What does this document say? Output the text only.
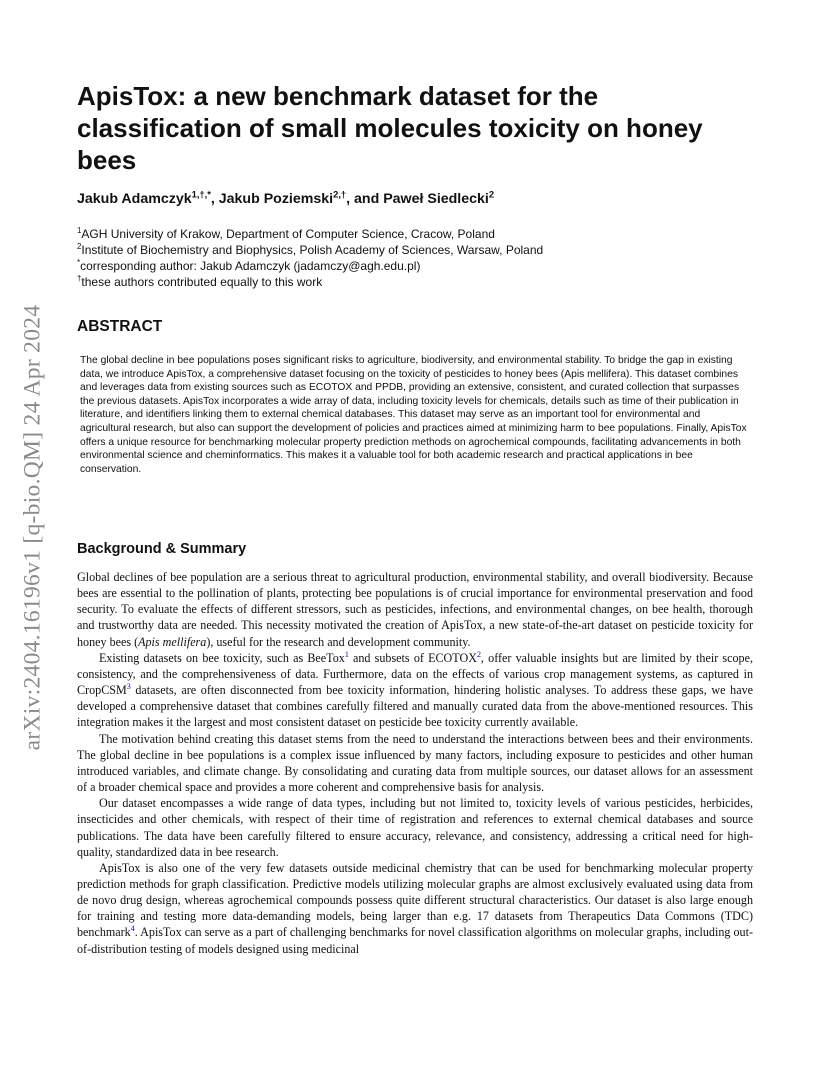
arXiv:2404.16196v1 [q-bio.QM] 24 Apr 2024
ApisTox: a new benchmark dataset for the classification of small molecules toxicity on honey bees
Jakub Adamczyk$^{1,\dagger,*}$, Jakub Poziemski$^{2,\dagger}$, and Paweł Siedlecki$^2$

$^1$AGH University of Krakow, Department of Computer Science, Cracow, Poland

$^2$Institute of Biochemistry and Biophysics, Polish Academy of Sciences, Warsaw, Poland

*corresponding author: Jakub Adamczyk (jadamczy@agh.edu.pl)

†these authors contributed equally to this work

ABSTRACT

The global decline in bee populations poses significant risks to agriculture, biodiversity, and environmental stability. To bridge the gap in existing data, we introduce ApisTox, a comprehensive dataset focusing on the toxicity of pesticides to honey bees (Apis mellifera). This dataset combines and leverages data from existing sources such as ECOTOX and PPDB, providing an extensive, consistent, and curated collection that surpasses the previous datasets. ApisTox incorporates a wide array of data, including toxicity levels for chemicals, details such as time of their publication in literature, and identifiers linking them to external chemical databases. This dataset may serve as an important tool for environmental and agricultural research, but also can support the development of policies and practices aimed at minimizing harm to bee populations. Finally, ApisTox offers a unique resource for benchmarking molecular property prediction methods on agrochemical compounds, facilitating advancements in both environmental science and cheminformatics. This makes it a valuable tool for both academic research and practical applications in bee conservation.

Background & Summary

Global declines of bee population are a serious threat to agricultural production, environmental stability, and overall biodiversity. Because bees are essential to the pollination of plants, protecting bee populations is of crucial importance for environmental preservation and food security. To evaluate the effects of different stressors, such as pesticides, infections, and environmental changes, on bee health, thorough and trustworthy data are needed. This necessity motivated the creation of ApisTox, a new state-of-the-art dataset on pesticide toxicity for honey bees (Apis mellifera), useful for the research and development community.

Existing datasets on bee toxicity, such as BeeTox$^1$ and subsets of ECOTOX$^2$, offer valuable insights but are limited by their scope, consistency, and the comprehensiveness of data. Furthermore, data on the effects of various crop management systems, as captured in CropCSM$^3$ datasets, are often disconnected from bee toxicity information, hindering holistic analyses. To address these gaps, we have developed a comprehensive dataset that combines carefully filtered and manually curated data from the above-mentioned resources. This integration makes it the largest and most consistent dataset on pesticide bee toxicity currently available.

The motivation behind creating this dataset stems from the need to understand the interactions between bees and their environments. The global decline in bee populations is a complex issue influenced by many factors, including exposure to pesticides and other human introduced variables, and climate change. By consolidating and curating data from multiple sources, our dataset allows for an assessment of a broader chemical space and provides a more coherent and comprehensive basis for analysis.

Our dataset encompasses a wide range of data types, including but not limited to, toxicity levels of various pesticides, herbicides, insecticides and other chemicals, with respect of their time of registration and references to external chemical databases and source publications. The data have been carefully filtered to ensure accuracy, relevance, and consistency, addressing a critical need for high-quality, standardized data in bee research.

ApisTox is also one of the very few datasets outside medicinal chemistry that can be used for benchmarking molecular property prediction methods for graph classification. Predictive models utilizing molecular graphs are almost exclusively evaluated using data from de novo drug design, whereas agrochemical compounds possess quite different structural characteristics. Our dataset is also large enough for training and testing more data-demanding models, being larger than e.g. 17 datasets from Therapeutics Data Commons (TDC) benchmark$^4$. ApisTox can serve as a part of challenging benchmarks for novel classification algorithms on molecular graphs, including out-of-distribution testing of models designed using medicinal
